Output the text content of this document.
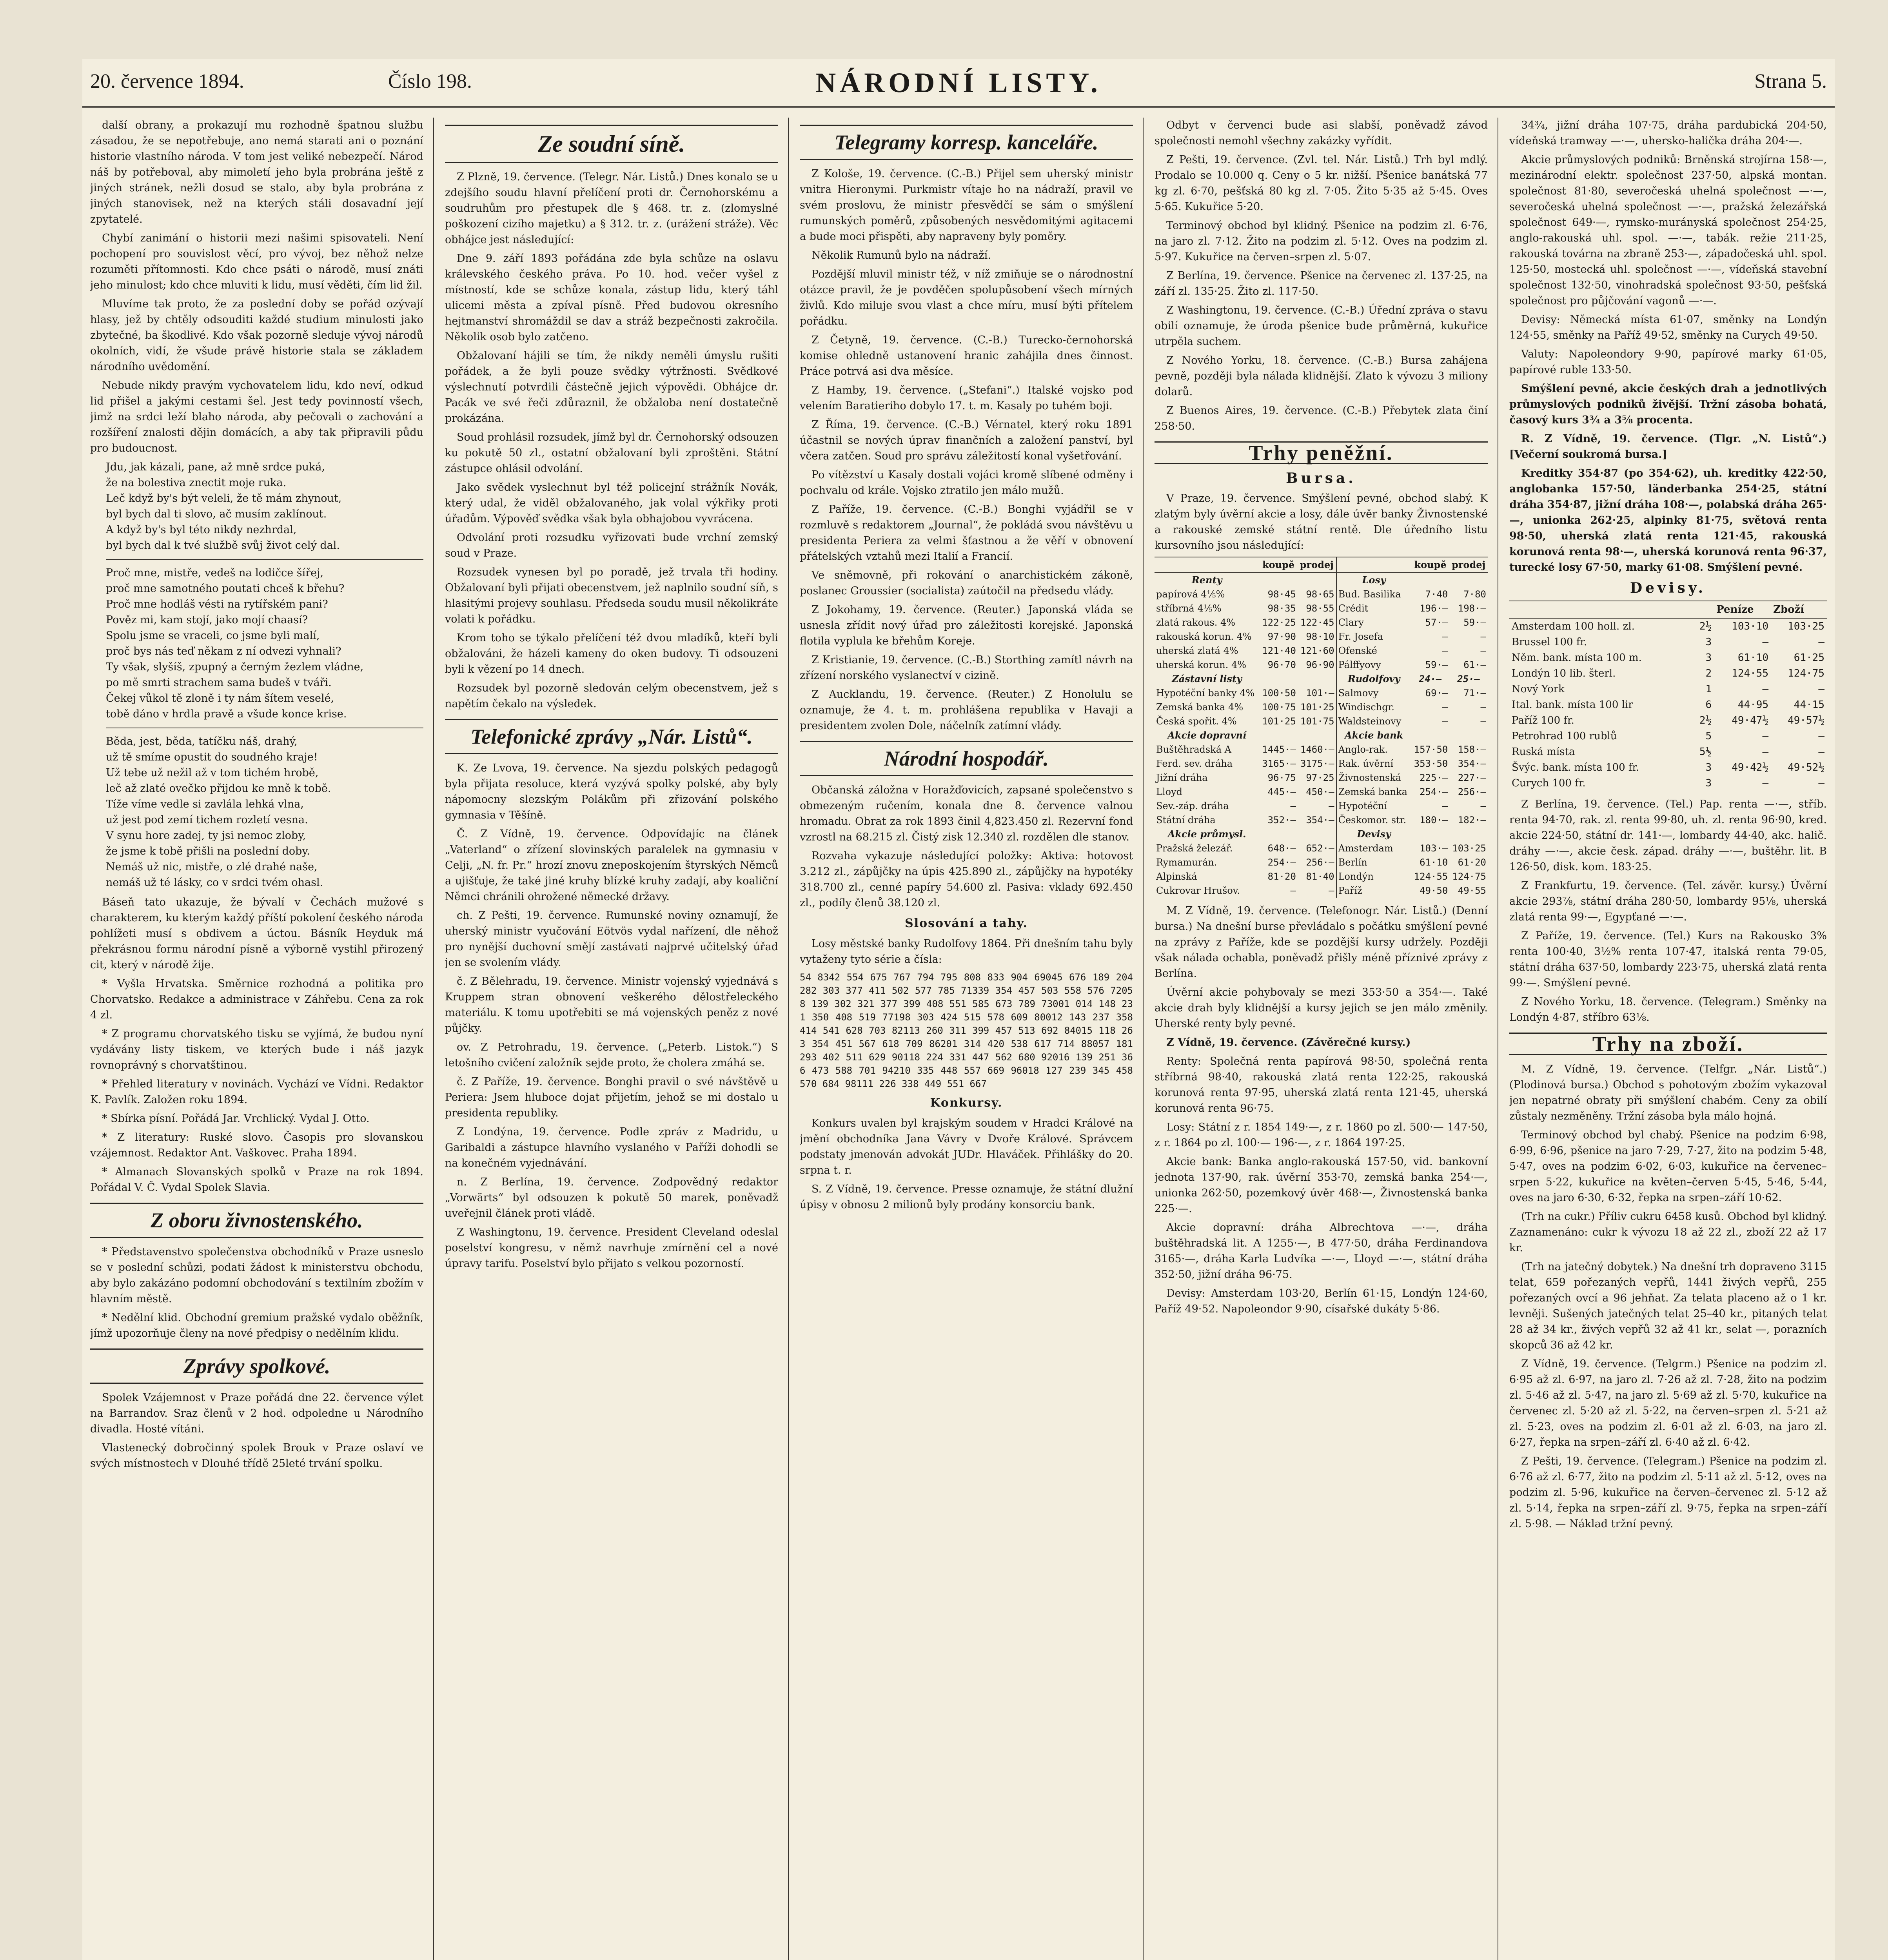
20. července 1894.	Číslo 198.	NÁRODNÍ LISTY.	Strana 5.

další obrany, a prokazují mu rozhodně špatnou službu zásadou, že se nepotřebuje, ano nemá starati ani o poznání historie vlastního národa. V tom jest veliké nebezpečí. Národ náš by potřeboval, aby mimoletí jeho byla probrána ještě z jiných stránek, nežli dosud se stalo, aby byla probrána z jiných stanovisek, než na kterých stáli dosavadní její zpytatelé.

Chybí zanimání o historii mezi našimi spisovateli. Není pochopení pro souvislost věcí, pro vývoj, bez něhož nelze rozuměti přítomnosti. Kdo chce psáti o národě, musí znáti jeho minulost; kdo chce mluviti k lidu, musí věděti, čím lid žil.

Mluvíme tak proto, že za poslední doby se pořád ozývají hlasy, jež by chtěly odsouditi každé studium minulosti jako zbytečné, ba škodlivé. Kdo však pozorně sleduje vývoj národů okolních, vidí, že všude právě historie stala se základem národního uvědomění.

Nebude nikdy pravým vychovatelem lidu, kdo neví, odkud lid přišel a jakými cestami šel. Jest tedy povinností všech, jimž na srdci leží blaho národa, aby pečovali o zachování a rozšíření znalosti dějin domácích, a aby tak připravili půdu pro budoucnost.

Jdu, jak kázali, pane, až mně srdce puká,
že na bolestiva znectit moje ruka.
Leč když by's být veleli, že tě mám zhynout,
byl bych dal ti slovo, ač musím zaklínout.
A když by's byl této nikdy nezhrdal,
byl bych dal k tvé službě svůj život celý dal.
Proč mne, mistře, vedeš na lodičce šířej,
proč mne samotného poutati chceš k břehu?
Proč mne hodláš vésti na rytířském pani?
Pověz mi, kam stojí, jako mojí chaasí?
Spolu jsme se vraceli, co jsme byli malí,
proč bys nás teď někam z ní odvezi vyhnali?
Ty však, slyšíš, zpupný a černým žezlem vládne,
po mě smrti strachem sama budeš v tváři.
Čekej vůkol tě zloně i ty nám šítem veselé,
tobě dáno v hrdla pravě a všude konce krise.
Běda, jest, běda, tatíčku náš, drahý,
už tě smíme opustit do soudného kraje!
Už tebe už nežil až v tom tichém hrobě,
leč až zlaté ovečko přijdou ke mně k tobě.
Tíže víme vedle si zavlála lehká vlna,
už jest pod zemí tichem rozletí vesna.
V synu hore zadej, ty jsi nemoc zloby,
že jsme k tobě přišli na poslední doby.
Nemáš už nic, mistře, o zlé drahé naše,
nemáš už té lásky, co v srdci tvém ohasl.

Báseň tato ukazuje, že bývalí v Čechách mužové s charakterem, ku kterým každý příští pokolení českého národa pohlížeti musí s obdivem a úctou. Básník Heyduk má překrásnou formu národní písně a výborně vystihl přirozený cit, který v národě žije.

* Vyšla Hrvatska. Směrnice rozhodná a politika pro Chorvatsko. Redakce a administrace v Záhřebu. Cena za rok 4 zl.

* Z programu chorvatského tisku se vyjímá, že budou nyní vydávány listy tiskem, ve kterých bude i náš jazyk rovnoprávný s chorvatštinou.

* Přehled literatury v novinách. Vychází ve Vídni. Redaktor K. Pavlík. Založen roku 1894.

* Sbírka písní. Pořádá Jar. Vrchlický. Vydal J. Otto.

* Z literatury: Ruské slovo. Časopis pro slovanskou vzájemnost. Redaktor Ant. Vaškovec. Praha 1894.

* Almanach Slovanských spolků v Praze na rok 1894. Pořádal V. Č. Vydal Spolek Slavia.

Z oboru živnostenského.

* Představenstvo společenstva obchodníků v Praze usneslo se v poslední schůzi, podati žádost k ministerstvu obchodu, aby bylo zakázáno podomní obchodování s textilním zbožím v hlavním městě.

* Nedělní klid. Obchodní gremium pražské vydalo oběžník, jímž upozorňuje členy na nové předpisy o nedělním klidu.

Zprávy spolkové.

Spolek Vzájemnost v Praze pořádá dne 22. července výlet na Barrandov. Sraz členů v 2 hod. odpoledne u Národního divadla. Hosté vítáni.

Vlastenecký dobročinný spolek Brouk v Praze oslaví ve svých místnostech v Dlouhé třídě 25leté trvání spolku.

Ze soudní síně.

Z Plzně, 19. července. (Telegr. Nár. Listů.) Dnes konalo se u zdejšího soudu hlavní přelíčení proti dr. Černohorskému a soudruhům pro přestupek dle § 468. tr. z. (zlomyslné poškození cizího majetku) a § 312. tr. z. (urážení stráže). Věc obhájce jest následující:

Dne 9. září 1893 pořádána zde byla schůze na oslavu králevského českého práva. Po 10. hod. večer vyšel z místností, kde se schůze konala, zástup lidu, který táhl ulicemi města a zpíval písně. Před budovou okresního hejtmanství shromáždil se dav a stráž bezpečnosti zakročila. Několik osob bylo zatčeno.

Obžalovaní hájili se tím, že nikdy neměli úmyslu rušiti pořádek, a že byli pouze svědky výtržnosti. Svědkové výslechnutí potvrdili částečně jejich výpovědi. Obhájce dr. Pacák ve své řeči zdůraznil, že obžaloba není dostatečně prokázána.

Soud prohlásil rozsudek, jímž byl dr. Černohorský odsouzen ku pokutě 50 zl., ostatní obžalovaní byli zproštěni. Státní zástupce ohlásil odvolání.

Jako svědek vyslechnut byl též policejní strážník Novák, který udal, že viděl obžalovaného, jak volal výkřiky proti úřadům. Výpověď svědka však byla obhajobou vyvrácena.

Odvolání proti rozsudku vyřizovati bude vrchní zemský soud v Praze.

Rozsudek vynesen byl po poradě, jež trvala tři hodiny. Obžalovaní byli přijati obecenstvem, jež naplnilo soudní síň, s hlasitými projevy souhlasu. Předseda soudu musil několikráte volati k pořádku.

Krom toho se týkalo přelíčení též dvou mladíků, kteří byli obžalováni, že házeli kameny do oken budovy. Ti odsouzeni byli k vězení po 14 dnech.

Rozsudek byl pozorně sledován celým obecenstvem, jež s napětím čekalo na výsledek.

Telefonické zprávy „Nár. Listů“.

K. Ze Lvova, 19. července. Na sjezdu polských pedagogů byla přijata resoluce, která vyzývá spolky polské, aby byly nápomocny slezským Polákům při zřizování polského gymnasia v Těšíně.

Č. Z Vídně, 19. července. Odpovídajíc na článek „Vaterland“ o zřízení slovinských paralelek na gymnasiu v Celji, „N. fr. Pr.“ hrozí znovu zneposkojením štyrských Němců a ujišťuje, že také jiné kruhy blízké kruhy zadají, aby koaliční Němci chránili ohrožené německé državy.

ch. Z Pešti, 19. července. Rumunské noviny oznamují, že uherský ministr vyučování Eötvös vydal nařízení, dle něhož pro nynější duchovní smějí zastávati najprvé učitelský úřad jen se svolením vlády.

č. Z Bělehradu, 19. července. Ministr vojenský vyjednává s Kruppem stran obnovení veškerého dělostřeleckého materiálu. K tomu upotřebiti se má vojenských peněz z nové půjčky.

ov. Z Petrohradu, 19. července. („Peterb. Listok.“) S letošního cvičení založník sejde proto, že cholera zmáhá se.

č. Z Paříže, 19. července. Bonghi pravil o své návštěvě u Periera: Jsem hluboce dojat přijetím, jehož se mi dostalo u presidenta republiky.

Z Londýna, 19. července. Podle zpráv z Madridu, u Garibaldi a zástupce hlavního vyslaného v Paříži dohodli se na konečném vyjednávání.

n. Z Berlína, 19. července. Zodpovědný redaktor „Vorwärts“ byl odsouzen k pokutě 50 marek, poněvadž uveřejnil článek proti vládě.

Z Washingtonu, 19. července. President Cleveland odeslal poselství kongresu, v němž navrhuje zmírnění cel a nové úpravy tarifu. Poselství bylo přijato s velkou pozorností.

Telegramy korresp. kanceláře.

Z Kološe, 19. července. (C.-B.) Přijel sem uherský ministr vnitra Hieronymi. Purkmistr vítaje ho na nádraží, pravil ve svém proslovu, že ministr přesvědčí se sám o smýšlení rumunských poměrů, způsobených nesvědomitými agitacemi a bude moci přispěti, aby napraveny byly poměry.

Několik Rumunů bylo na nádraží.

Pozdější mluvil ministr též, v níž zmiňuje se o národnostní otázce pravil, že je povděčen spolupůsobení všech mírných živlů. Kdo miluje svou vlast a chce míru, musí býti přítelem pořádku.

Z Četyně, 19. července. (C.-B.) Turecko-černohorská komise ohledně ustanovení hranic zahájila dnes činnost. Práce potrvá asi dva měsíce.

Z Hamby, 19. července. („Stefani“.) Italské vojsko pod velením Baratieriho dobylo 17. t. m. Kasaly po tuhém boji.

Z Říma, 19. července. (C.-B.) Vérnatel, který roku 1891 účastnil se nových úprav finančních a založení panství, byl včera zatčen. Soud pro správu záležitostí konal vyšetřování.

Po vítězství u Kasaly dostali vojáci kromě slíbené odměny i pochvalu od krále. Vojsko ztratilo jen málo mužů.

Z Paříže, 19. července. (C.-B.) Bonghi vyjádřil se v rozmluvě s redaktorem „Journal“, že pokládá svou návštěvu u presidenta Periera za velmi šťastnou a že věří v obnovení přátelských vztahů mezi Italií a Francií.

Ve sněmovně, při rokování o anarchistickém zákoně, poslanec Groussier (socialista) zaútočil na předsedu vlády.

Z Jokohamy, 19. července. (Reuter.) Japonská vláda se usnesla zřídit nový úřad pro záležitosti korejské. Japonská flotila vyplula ke břehům Koreje.

Z Kristianie, 19. července. (C.-B.) Storthing zamítl návrh na zřízení norského vyslanectví v cizině.

Z Aucklandu, 19. července. (Reuter.) Z Honolulu se oznamuje, že 4. t. m. prohlášena republika v Havaji a presidentem zvolen Dole, náčelník zatímní vlády.

Národní hospodář.

Občanská záložna v Horažďovicích, zapsané společenstvo s obmezeným ručením, konala dne 8. července valnou hromadu. Obrat za rok 1893 činil 4,823.450 zl. Rezervní fond vzrostl na 68.215 zl. Čistý zisk 12.340 zl. rozdělen dle stanov.

Rozvaha vykazuje následující položky: Aktiva: hotovost 3.212 zl., zápůjčky na úpis 425.890 zl., zápůjčky na hypotéky 318.700 zl., cenné papíry 54.600 zl. Pasiva: vklady 692.450 zl., podíly členů 38.120 zl.

Slosování a tahy.

Losy městské banky Rudolfovy 1864. Při dnešním tahu byly vytaženy tyto série a čísla:

54 8342 554 675 767 794 795 808 833 904 69045 676 189 204 282 303 377 411 502 577 785 71339 354 457 503 558 576 72058 139 302 321 377 399 408 551 585 673 789 73001 014 148 231 350 408 519 77198 303 424 515 578 609 80012 143 237 358 414 541 628 703 82113 260 311 399 457 513 692 84015 118 263 354 451 567 618 709 86201 314 420 538 617 714 88057 181 293 402 511 629 90118 224 331 447 562 680 92016 139 251 366 473 588 701 94210 335 448 557 669 96018 127 239 345 458 570 684 98111 226 338 449 551 667

Konkursy.

Konkurs uvalen byl krajským soudem v Hradci Králové na jmění obchodníka Jana Vávry v Dvoře Králové. Správcem podstaty jmenován advokát JUDr. Hlaváček. Přihlášky do 20. srpna t. r.

S. Z Vídně, 19. července. Presse oznamuje, že státní dlužní úpisy v obnosu 2 milionů byly prodány konsorciu bank.

Odbyt v červenci bude asi slabší, poněvadž závod společnosti nemohl všechny zakázky vyřídit.

Z Pešti, 19. července. (Zvl. tel. Nár. Listů.) Trh byl mdlý. Prodalo se 10.000 q. Ceny o 5 kr. nižší. Pšenice banátská 77 kg zl. 6·70, pešťská 80 kg zl. 7·05. Žito 5·35 až 5·45. Oves 5·65. Kukuřice 5·20.

Terminový obchod byl klidný. Pšenice na podzim zl. 6·76, na jaro zl. 7·12. Žito na podzim zl. 5·12. Oves na podzim zl. 5·97. Kukuřice na červen–srpen zl. 5·07.

Z Berlína, 19. července. Pšenice na červenec zl. 137·25, na září zl. 135·25. Žito zl. 117·50.

Z Washingtonu, 19. července. (C.-B.) Úřední zpráva o stavu obilí oznamuje, že úroda pšenice bude průměrná, kukuřice utrpěla suchem.

Z Nového Yorku, 18. července. (C.-B.) Bursa zahájena pevně, později byla nálada klidnější. Zlato k vývozu 3 miliony dolarů.

Z Buenos Aires, 19. července. (C.-B.) Přebytek zlata činí 258·50.

Trhy peněžní.
Bursa.

V Praze, 19. července. Smýšlení pevné, obchod slabý. K zlatým byly úvěrní akcie a losy, dále úvěr banky Živnostenské a rakouské zemské státní rentě. Dle úředního listu kursovního jsou následující:

	koupě	prodej		koupě	prodej
Renty			Losy		
papírová 4⅕%	98·45	98·65	Bud. Basilika	7·40	7·80
stříbrná 4⅕%	98·35	98·55	Crédit	196·—	198·—
zlatá rakous. 4%	122·25	122·45	Clary	57·—	59·—
rakouská korun. 4%	97·90	98·10	Fr. Josefa	—	—
uherská zlatá 4%	121·40	121·60	Ofenské	—	—
uherská korun. 4%	96·70	96·90	Pálffyovy	59·—	61·—
Zástavní listy			Rudolfovy	24·—	25·—
Hypotéční banky 4%	100·50	101·—	Salmovy	69·—	71·—
Zemská banka 4%	100·75	101·25	Windischgr.	—	—
Česká spořit. 4%	101·25	101·75	Waldsteinovy	—	—
Akcie dopravní			Akcie bank		
Buštěhradská A	1445·—	1460·—	Anglo-rak.	157·50	158·—
Ferd. sev. dráha	3165·—	3175·—	Rak. úvěrní	353·50	354·—
Jižní dráha	96·75	97·25	Živnostenská	225·—	227·—
Lloyd	445·—	450·—	Zemská banka	254·—	256·—
Sev.-záp. dráha	—	—	Hypotéční	—	—
Státní dráha	352·—	354·—	Českomor. str.	180·—	182·—
Akcie průmysl.			Devisy		
Pražská železář.	648·—	652·—	Amsterdam	103·—	103·25
Rymamurán.	254·—	256·—	Berlín	61·10	61·20
Alpinská	81·20	81·40	Londýn	124·55	124·75
Cukrovar Hrušov.	—	—	Paříž	49·50	49·55

M. Z Vídně, 19. července. (Telefonogr. Nár. Listů.) (Denní bursa.) Na dnešní burse převládalo s počátku smýšlení pevné na zprávy z Paříže, kde se pozdější kursy udržely. Později však nálada ochabla, poněvadž přišly méně příznivé zprávy z Berlína.

Úvěrní akcie pohybovaly se mezi 353·50 a 354·—. Také akcie drah byly klidnější a kursy jejich se jen málo změnily. Uherské renty byly pevné.

Z Vídně, 19. července. (Závěrečné kursy.)

Renty: Společná renta papírová 98·50, společná renta stříbrná 98·40, rakouská zlatá renta 122·25, rakouská korunová renta 97·95, uherská zlatá renta 121·45, uherská korunová renta 96·75.

Losy: Státní z r. 1854 149·—, z r. 1860 po zl. 500·— 147·50, z r. 1864 po zl. 100·— 196·—, z r. 1864 197·25.

Akcie bank: Banka anglo-rakouská 157·50, vid. bankovní jednota 137·90, rak. úvěrní 353·70, zemská banka 254·—, unionka 262·50, pozemkový úvěr 468·—, Živnostenská banka 225·—.

Akcie dopravní: dráha Albrechtova —·—, dráha buštěhradská lit. A 1255·—, B 477·50, dráha Ferdinandova 3165·—, dráha Karla Ludvíka —·—, Lloyd —·—, státní dráha 352·50, jižní dráha 96·75.

Devisy: Amsterdam 103·20, Berlín 61·15, Londýn 124·60, Paříž 49·52. Napoleondor 9·90, císařské dukáty 5·86.

34¾, jižní dráha 107·75, dráha pardubická 204·50, vídeňská tramway —·—, uhersko-halička dráha 204·—.

Akcie průmyslových podniků: Brněnská strojírna 158·—, mezinárodní elektr. společnost 237·50, alpská montan. společnost 81·80, severočeská uhelná společnost —·—, severočeská uhelná společnost —·—, pražská železářská společnost 649·—, rymsko-murányská společnost 254·25, anglo-rakouská uhl. spol. —·—, tabák. režie 211·25, rakouská továrna na zbraně 253·—, západočeská uhl. spol. 125·50, mostecká uhl. společnost —·—, vídeňská stavební společnost 132·50, vinohradská společnost 93·50, pešťská společnost pro půjčování vagonů —·—.

Devisy: Německá místa 61·07, směnky na Londýn 124·55, směnky na Paříž 49·52, směnky na Curych 49·50.

Valuty: Napoleondory 9·90, papírové marky 61·05, papírové ruble 133·50.

Smýšlení pevné, akcie českých drah a jednotlivých průmyslových podniků živější. Tržní zásoba bohatá, časový kurs 3¾ a 3⅝ procenta.

R. Z Vídně, 19. července. (Tlgr. „N. Listů“.) [Večerní soukromá bursa.]

Kreditky 354·87 (po 354·62), uh. kreditky 422·50, anglobanka 157·50, länderbanka 254·25, státní dráha 354·87, jižní dráha 108·—, polabská dráha 265·—, unionka 262·25, alpinky 81·75, světová renta 98·50, uherská zlatá renta 121·45, rakouská korunová renta 98·—, uherská korunová renta 96·37, turecké losy 67·50, marky 61·08. Smýšlení pevné.

Devisy.
		Peníze	Zboží
Amsterdam 100 holl. zl.	2½	103·10	103·25
Brussel 100 fr.	3	—	—
Něm. bank. místa 100 m.	3	61·10	61·25
Londýn 10 lib. šterl.	2	124·55	124·75
Nový York	1	—	—
Ital. bank. místa 100 lir	6	44·95	44·15
Paříž 100 fr.	2½	49·47½	49·57½
Petrohrad 100 rublů	5	—	—
Ruská místa	5½	—	—
Švýc. bank. místa 100 fr.	3	49·42½	49·52½
Curych 100 fr.	3	—	—

Z Berlína, 19. července. (Tel.) Pap. renta —·—, stříb. renta 94·70, rak. zl. renta 99·80, uh. zl. renta 96·90, kred. akcie 224·50, státní dr. 141·—, lombardy 44·40, akc. halič. dráhy —·—, akcie česk. západ. dráhy —·—, buštěhr. lit. B 126·50, disk. kom. 183·25.

Z Frankfurtu, 19. července. (Tel. závěr. kursy.) Úvěrní akcie 293⅞, státní dráha 280·50, lombardy 95⅛, uherská zlatá renta 99·—, Egypťané —·—.

Z Paříže, 19. července. (Tel.) Kurs na Rakousko 3% renta 100·40, 3½% renta 107·47, italská renta 79·05, státní dráha 637·50, lombardy 223·75, uherská zlatá renta 99·—. Smýšlení pevné.

Z Nového Yorku, 18. července. (Telegram.) Směnky na Londýn 4·87, stříbro 63⅛.

Trhy na zboží.

M. Z Vídně, 19. července. (Telfgr. „Nár. Listů“.) (Plodinová bursa.) Obchod s pohotovým zbožím vykazoval jen nepatrné obraty při smýšlení chabém. Ceny za obilí zůstaly nezměněny. Tržní zásoba byla málo hojná.

Terminový obchod byl chabý. Pšenice na podzim 6·98, 6·99, 6·96, pšenice na jaro 7·29, 7·27, žito na podzim 5·48, 5·47, oves na podzim 6·02, 6·03, kukuřice na červenec–srpen 5·22, kukuřice na květen–červen 5·45, 5·46, 5·44, oves na jaro 6·30, 6·32, řepka na srpen–září 10·62.

(Trh na cukr.) Příliv cukru 6458 kusů. Obchod byl klidný. Zaznamenáno: cukr k vývozu 18 až 22 zl., zboží 22 až 17 kr.

(Trh na jatečný dobytek.) Na dnešní trh dopraveno 3115 telat, 659 pořezaných vepřů, 1441 živých vepřů, 255 pořezaných ovcí a 96 jehňat. Za telata placeno až o 1 kr. levněji. Sušených jatečných telat 25–40 kr., pitaných telat 28 až 34 kr., živých vepřů 32 až 41 kr., selat —, porazních skopců 36 až 42 kr.

Z Vídně, 19. července. (Telgrm.) Pšenice na podzim zl. 6·95 až zl. 6·97, na jaro zl. 7·26 až zl. 7·28, žito na podzim zl. 5·46 až zl. 5·47, na jaro zl. 5·69 až zl. 5·70, kukuřice na červenec zl. 5·20 až zl. 5·22, na červen–srpen zl. 5·21 až zl. 5·23, oves na podzim zl. 6·01 až zl. 6·03, na jaro zl. 6·27, řepka na srpen–září zl. 6·40 až zl. 6·42.

Z Pešti, 19. července. (Telegram.) Pšenice na podzim zl. 6·76 až zl. 6·77, žito na podzim zl. 5·11 až zl. 5·12, oves na podzim zl. 5·96, kukuřice na červen–červenec zl. 5·12 až zl. 5·14, řepka na srpen–září zl. 9·75, řepka na srpen–září zl. 5·98. — Náklad tržní pevný.
